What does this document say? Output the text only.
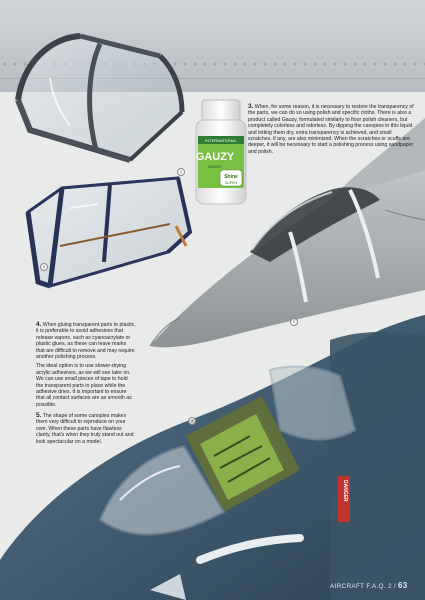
INTERNATIONAL
GAUZY
AGENT
Shine
SUPER
DANGER
1
2
3
4

3. When, for some reason, it is necessary to restore the transparency of the parts, we can do so using polish and specific cloths. There is also a product called Gauzy, formulated similarly to floor polish cleaners, but completely colorless and odorless. By dipping the canopies in this liquid and letting them dry, extra transparency is achieved, and small scratches, if any, are also minimized. When the scratches or scuffs are deeper, it will be necessary to start a polishing process using sandpaper and polish.

4. When gluing transparent parts to plastic, it is preferable to avoid adhesives that release vapors, such as cyanoacrylate or plastic glues, as these can leave marks that are difficult to remove and may require another polishing process.

The ideal option is to use slower-drying acrylic adhesives, as we will see later on. We can use small pieces of tape to hold the transparent parts in place while the adhesive dries. It is important to ensure that all contact surfaces are as smooth as possible.

5. The shape of some canopies makes them very difficult to reproduce on your own. When these parts have flawless clarity, that's when they truly stand out and look spectacular on a model.

AIRCRAFT F.A.Q. 2 / 63
